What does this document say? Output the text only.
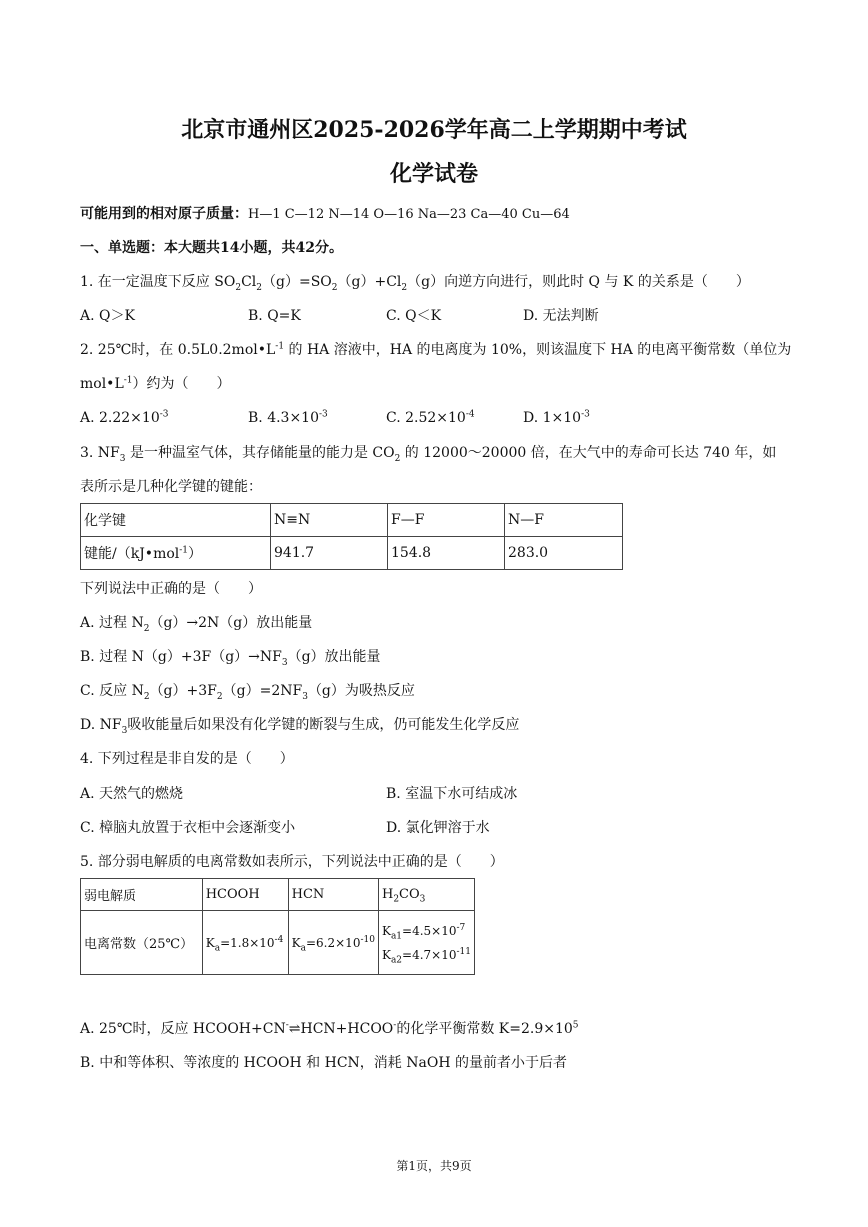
北京市通州区2025-2026学年高二上学期期中考试
化学试卷
可能用到的相对原子质量：H—1 C—12 N—14 O—16 Na—23 Ca—40 Cu—64
一、单选题：本大题共14小题，共42分。
1. 在一定温度下反应 $SO_2Cl_2(g)=SO_2(g)+Cl_2(g)$向逆方向进行，则此时 Q 与 K 的关系是（　　）
A. Q＞K	B. Q=K	C. Q＜K	D. 无法判断
2. 25℃时，在 $0.5L0.2mol•L^{-1}$ 的 HA 溶液中，HA 的电离度为 10%，则该温度下 HA 的电离平衡常数（单位为
$mol•L^{-1}$）约为（　　）
A. $2.22\times 10^{-3}$	B. $4.3\times 10^{-3}$	C. $2.52\times 10^{-4}$	D. $1\times 10^{-3}$
3. $NF_3$ 是一种温室气体，其存储能量的能力是 $CO_2$ 的 12000～20000 倍，在大气中的寿命可长达 740 年，如
表所示是几种化学键的键能：
化学键	N≡N	F—F	N—F
键能/（kJ•mol$^{-1}$）	941.7	154.8	283.0
下列说法中正确的是（　　）
A. 过程 $N_2(g)\to 2N(g)$放出能量
B. 过程 $N(g)+3F(g)\to NF_3(g)$放出能量
C. 反应 $N_2(g)+3F_2(g)=2NF_3(g)$为吸热反应
D. $NF_3$吸收能量后如果没有化学键的断裂与生成，仍可能发生化学反应
4. 下列过程是非自发的是（　　）
A. 天然气的燃烧	B. 室温下水可结成冰
C. 樟脑丸放置于衣柜中会逐渐变小	D. 氯化钾溶于水
5. 部分弱电解质的电离常数如表所示，下列说法中正确的是（　　）
弱电解质	HCOOH	HCN	$H_2CO_3$
电离常数（25℃）	$K_a=1.8\times 10^{-4}$	$K_a=6.2\times 10^{-10}$	$K_{a1}=4.5\times 10^{-7}$
$K_{a2}=4.7\times 10^{-11}$
A. 25℃时，反应 HCOOH+CN-⇌HCN+HCOO-的化学平衡常数 $K=2.9\times 10^5$
B. 中和等体积、等浓度的 HCOOH 和 HCN，消耗 NaOH 的量前者小于后者
第1页，共9页
